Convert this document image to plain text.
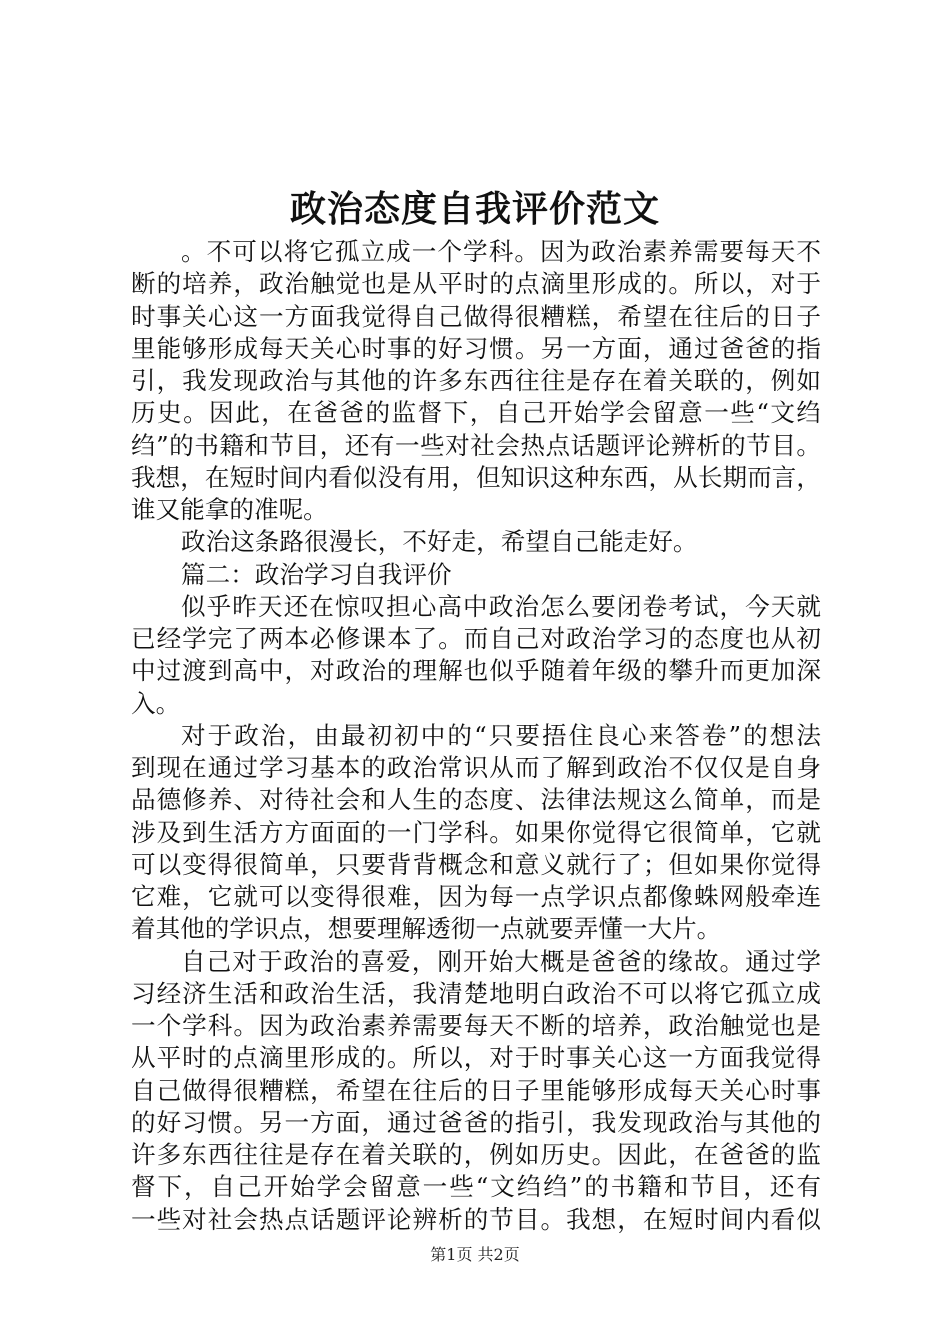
政治态度自我评价范文
。不可以将它孤立成一个学科。因为政治素养需要每天不
断的培养，政治触觉也是从平时的点滴里形成的。所以，对于
时事关心这一方面我觉得自己做得很糟糕，希望在往后的日子
里能够形成每天关心时事的好习惯。另一方面，通过爸爸的指
引，我发现政治与其他的许多东西往往是存在着关联的，例如
历史。因此，在爸爸的监督下，自己开始学会留意一些“文绉
绉”的书籍和节目，还有一些对社会热点话题评论辨析的节目。
我想，在短时间内看似没有用，但知识这种东西，从长期而言，
谁又能拿的准呢。
政治这条路很漫长，不好走，希望自己能走好。
篇二：政治学习自我评价
似乎昨天还在惊叹担心高中政治怎么要闭卷考试，今天就
已经学完了两本必修课本了。而自己对政治学习的态度也从初
中过渡到高中，对政治的理解也似乎随着年级的攀升而更加深
入。
对于政治，由最初初中的“只要捂住良心来答卷”的想法
到现在通过学习基本的政治常识从而了解到政治不仅仅是自身
品德修养、对待社会和人生的态度、法律法规这么简单，而是
涉及到生活方方面面的一门学科。如果你觉得它很简单，它就
可以变得很简单，只要背背概念和意义就行了；但如果你觉得
它难，它就可以变得很难，因为每一点学识点都像蛛网般牵连
着其他的学识点，想要理解透彻一点就要弄懂一大片。
自己对于政治的喜爱，刚开始大概是爸爸的缘故。通过学
习经济生活和政治生活，我清楚地明白政治不可以将它孤立成
一个学科。因为政治素养需要每天不断的培养，政治触觉也是
从平时的点滴里形成的。所以，对于时事关心这一方面我觉得
自己做得很糟糕，希望在往后的日子里能够形成每天关心时事
的好习惯。另一方面，通过爸爸的指引，我发现政治与其他的
许多东西往往是存在着关联的，例如历史。因此，在爸爸的监
督下，自己开始学会留意一些“文绉绉”的书籍和节目，还有
一些对社会热点话题评论辨析的节目。我想，在短时间内看似
第1页 共2页
